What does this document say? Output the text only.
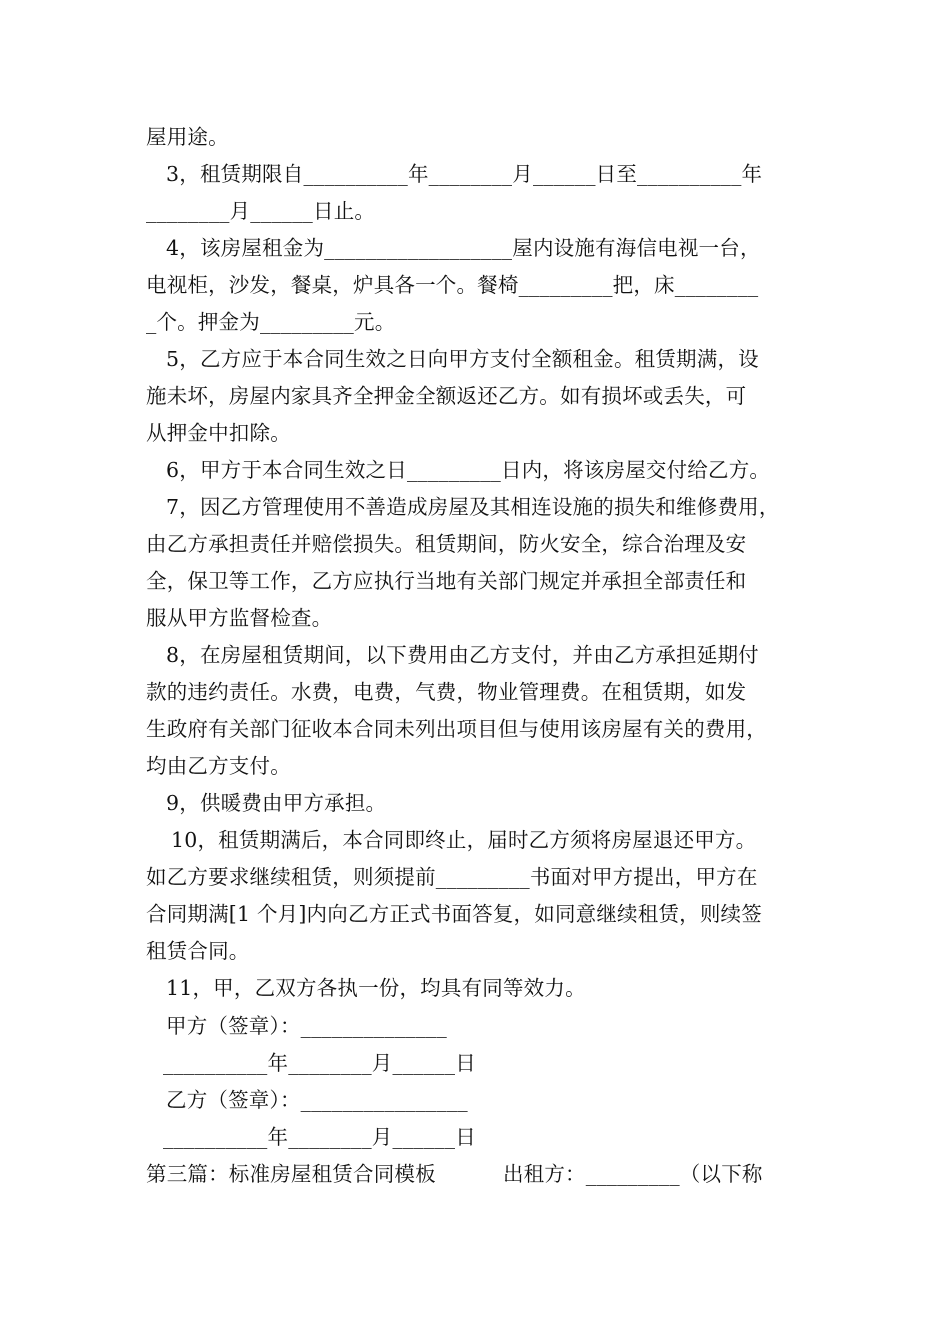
屋用途。
3，租赁期限自__________年________月______日至__________年
________月______日止。
4，该房屋租金为__________________屋内设施有海信电视一台，
电视柜，沙发，餐桌，炉具各一个。餐椅_________把，床________
_个。押金为_________元。
5，乙方应于本合同生效之日向甲方支付全额租金。租赁期满，设
施未坏，房屋内家具齐全押金全额返还乙方。如有损坏或丢失，可
从押金中扣除。
6，甲方于本合同生效之日_________日内，将该房屋交付给乙方。
7，因乙方管理使用不善造成房屋及其相连设施的损失和维修费用，
由乙方承担责任并赔偿损失。租赁期间，防火安全，综合治理及安
全，保卫等工作，乙方应执行当地有关部门规定并承担全部责任和
服从甲方监督检查。
8，在房屋租赁期间，以下费用由乙方支付，并由乙方承担延期付
款的违约责任。水费，电费，气费，物业管理费。在租赁期，如发
生政府有关部门征收本合同未列出项目但与使用该房屋有关的费用，
均由乙方支付。
9，供暖费由甲方承担。
10，租赁期满后，本合同即终止，届时乙方须将房屋退还甲方。
如乙方要求继续租赁，则须提前_________书面对甲方提出，甲方在
合同期满[1 个月]内向乙方正式书面答复，如同意继续租赁，则续签
租赁合同。
11，甲，乙双方各执一份，均具有同等效力。
甲方（签章）：______________
__________年________月______日
乙方（签章）：________________
__________年________月______日
第三篇：标准房屋租赁合同模板          出租方：_________（以下称
